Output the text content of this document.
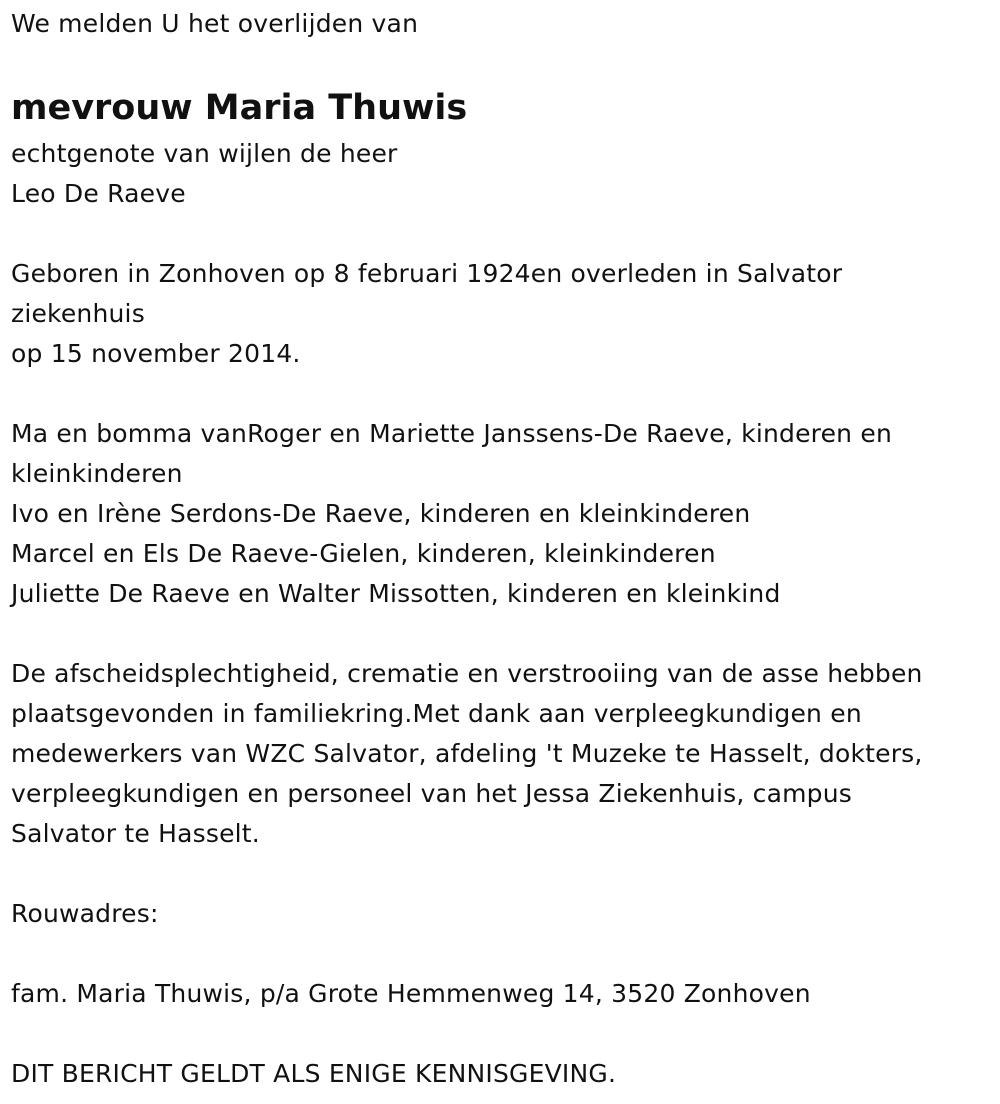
We melden U het overlijden van
mevrouw Maria Thuwis
echtgenote van wijlen de heer
Leo De Raeve
Geboren in Zonhoven op 8 februari 1924en overleden in Salvator
ziekenhuis
op 15 november 2014.
Ma en bomma vanRoger en Mariette Janssens-De Raeve, kinderen en
kleinkinderen
Ivo en Irène Serdons-De Raeve, kinderen en kleinkinderen
Marcel en Els De Raeve-Gielen, kinderen, kleinkinderen
Juliette De Raeve en Walter Missotten, kinderen en kleinkind
De afscheidsplechtigheid, crematie en verstrooiing van de asse hebben
plaatsgevonden in familiekring.Met dank aan verpleegkundigen en
medewerkers van WZC Salvator, afdeling 't Muzeke te Hasselt, dokters,
verpleegkundigen en personeel van het Jessa Ziekenhuis, campus
Salvator te Hasselt.
Rouwadres:
fam. Maria Thuwis, p/a Grote Hemmenweg 14, 3520 Zonhoven
DIT BERICHT GELDT ALS ENIGE KENNISGEVING.
